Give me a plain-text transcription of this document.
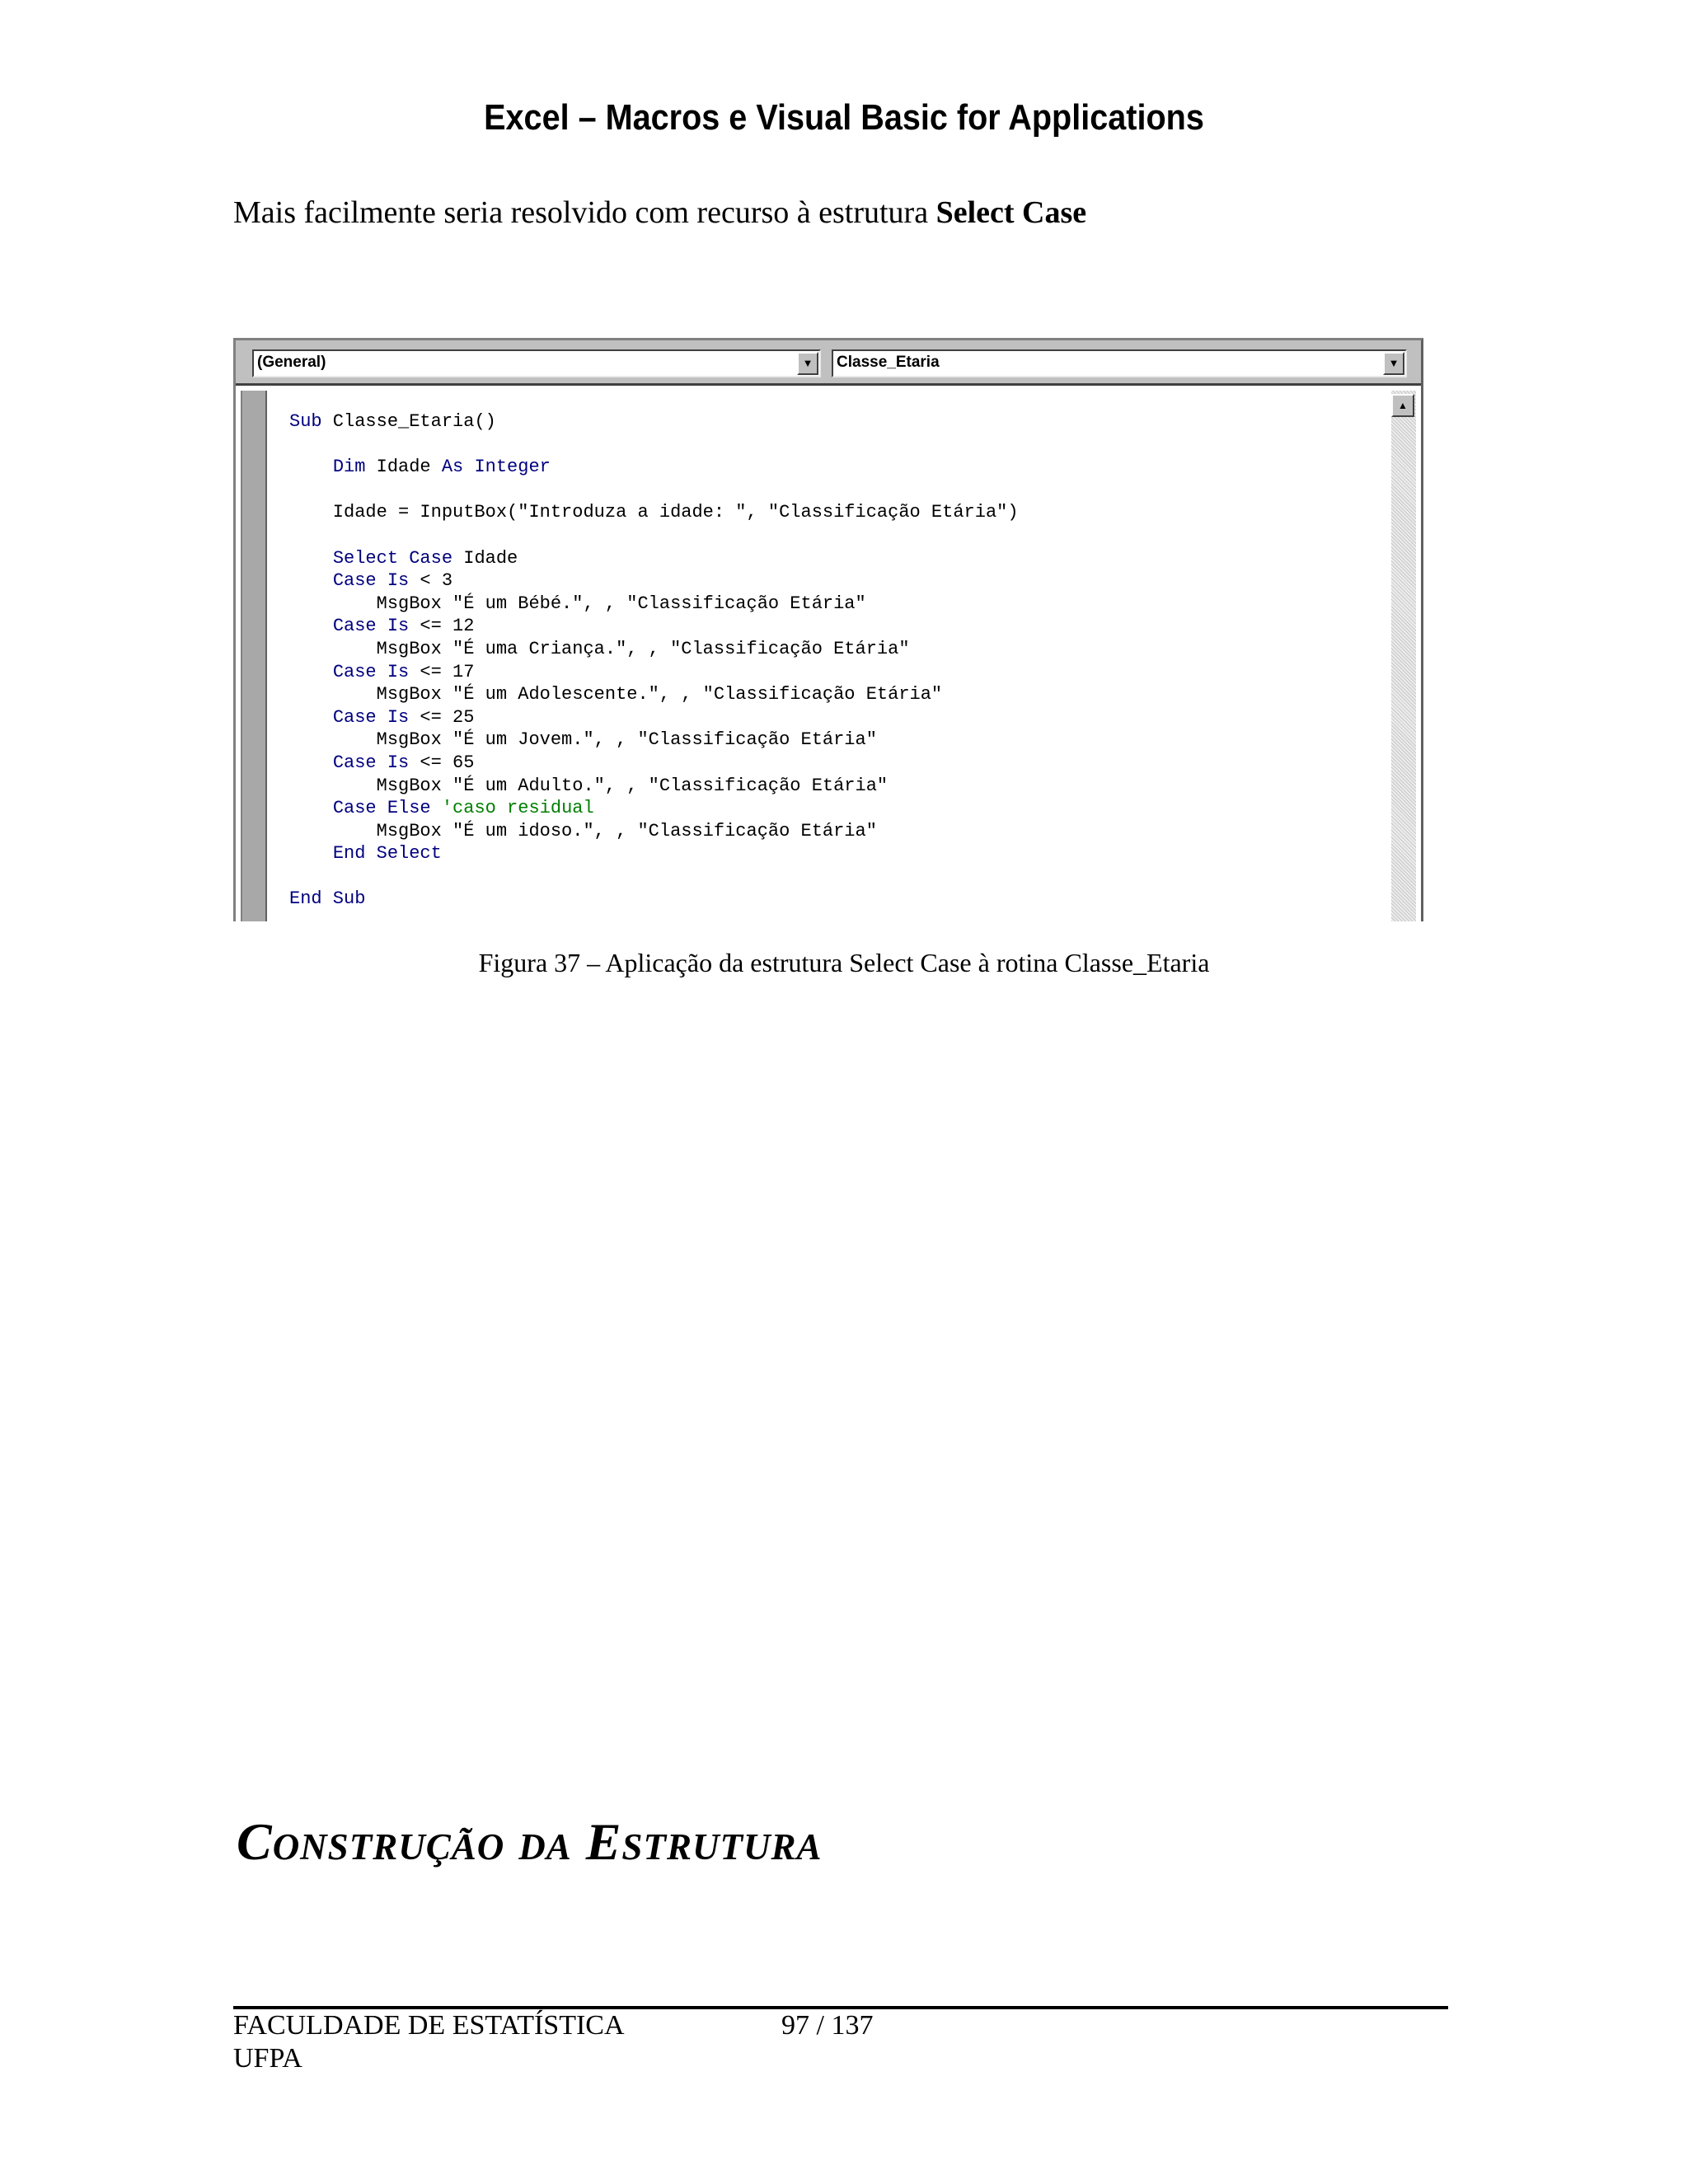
Excel – Macros e Visual Basic for Applications
Mais facilmente seria resolvido com recurso à estrutura Select Case
(General)	▼	Classe_Etaria	▼
▲
Sub Classe_Etaria()
Dim Idade As Integer
Idade = InputBox("Introduza a idade: ", "Classificação Etária")
Select Case Idade
Case Is < 3
MsgBox "É um Bébé.", , "Classificação Etária"
Case Is <= 12
MsgBox "É uma Criança.", , "Classificação Etária"
Case Is <= 17
MsgBox "É um Adolescente.", , "Classificação Etária"
Case Is <= 25
MsgBox "É um Jovem.", , "Classificação Etária"
Case Is <= 65
MsgBox "É um Adulto.", , "Classificação Etária"
Case Else 'caso residual
MsgBox "É um idoso.", , "Classificação Etária"
End Select
End Sub
Figura 37 – Aplicação da estrutura Select Case à rotina Classe_Etaria
Construção da Estrutura
FACULDADE DE ESTATÍSTICA
UFPA
97 / 137
